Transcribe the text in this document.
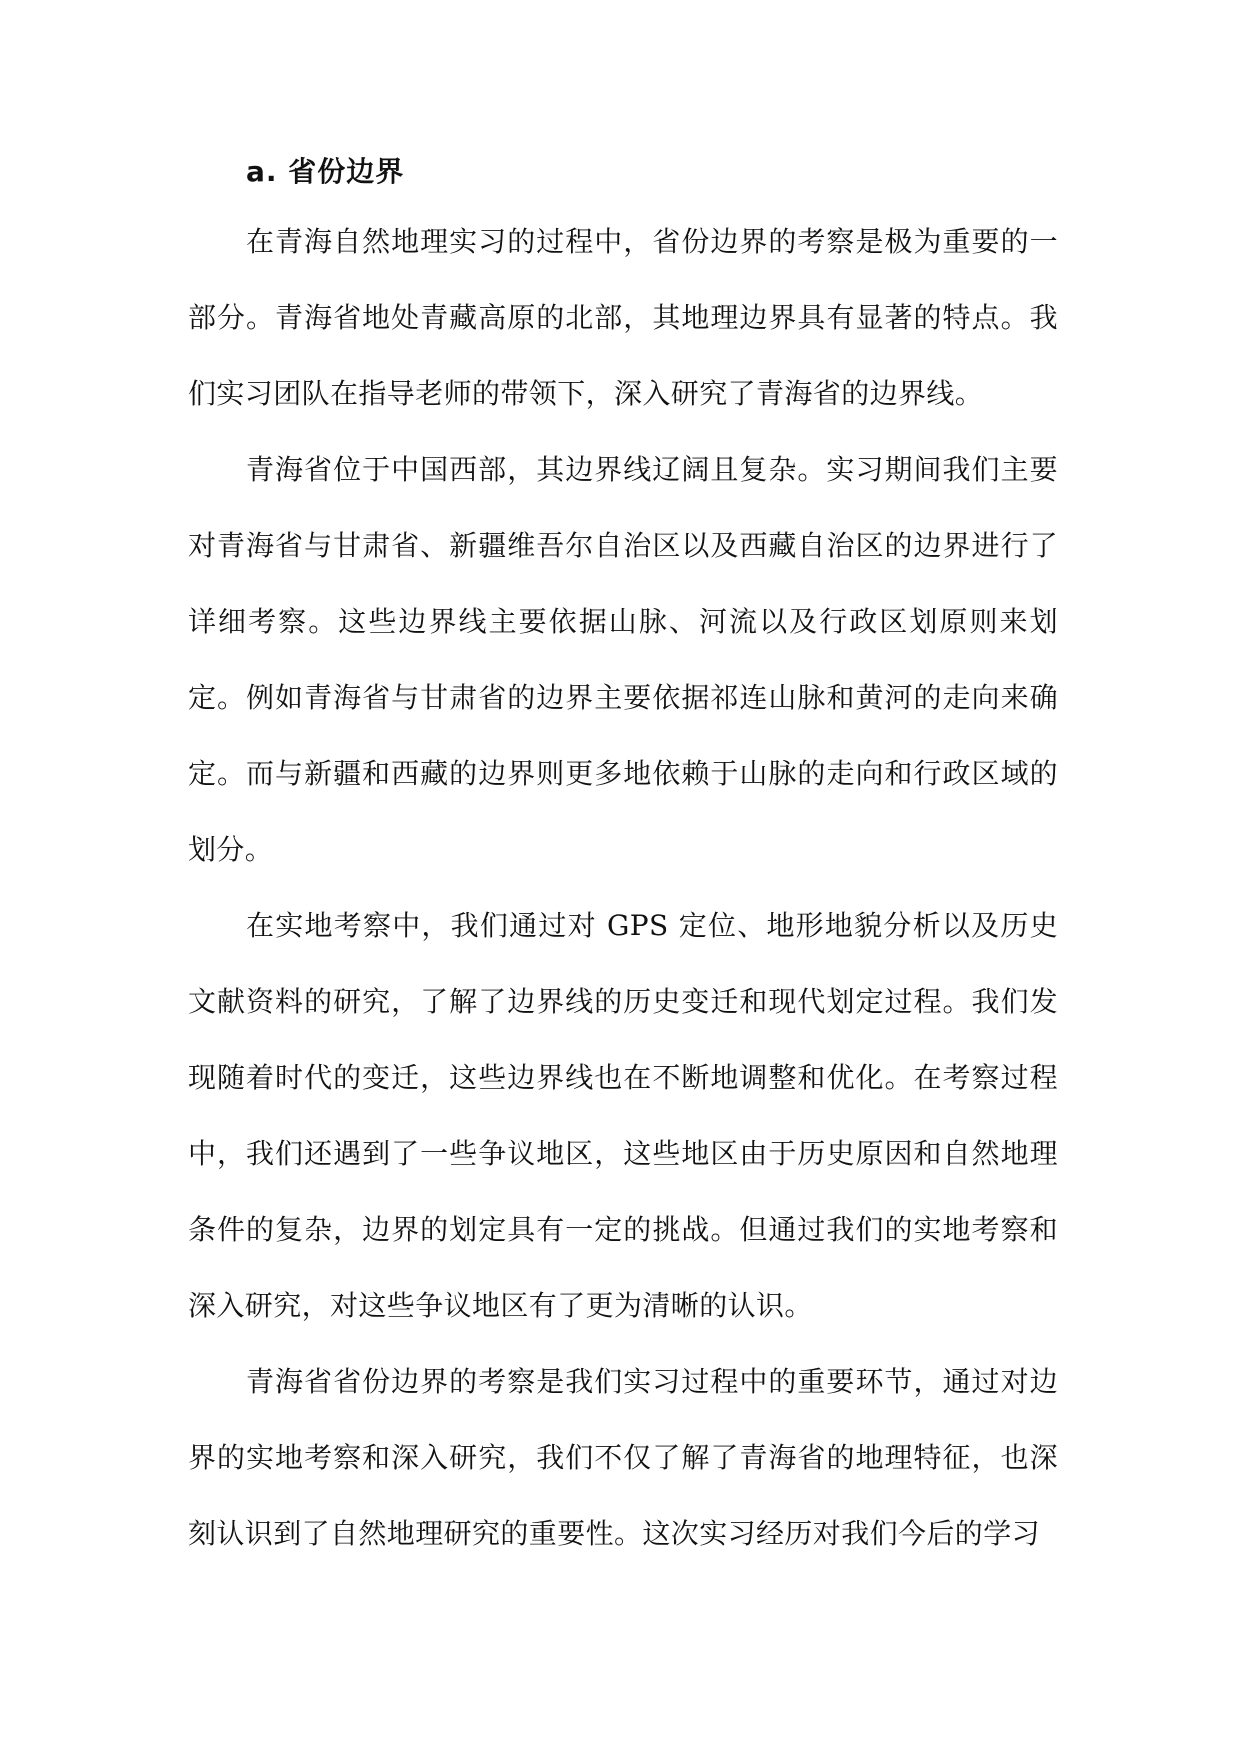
a. 省份边界

在青海自然地理实习的过程中，省份边界的考察是极为重要的一部分。青海省地处青藏高原的北部，其地理边界具有显著的特点。我们实习团队在指导老师的带领下，深入研究了青海省的边界线。

青海省位于中国西部，其边界线辽阔且复杂。实习期间我们主要对青海省与甘肃省、新疆维吾尔自治区以及西藏自治区的边界进行了详细考察。这些边界线主要依据山脉、河流以及行政区划原则来划定。例如青海省与甘肃省的边界主要依据祁连山脉和黄河的走向来确定。而与新疆和西藏的边界则更多地依赖于山脉的走向和行政区域的划分。

在实地考察中，我们通过对 GPS 定位、地形地貌分析以及历史文献资料的研究，了解了边界线的历史变迁和现代划定过程。我们发现随着时代的变迁，这些边界线也在不断地调整和优化。在考察过程中，我们还遇到了一些争议地区，这些地区由于历史原因和自然地理条件的复杂，边界的划定具有一定的挑战。但通过我们的实地考察和深入研究，对这些争议地区有了更为清晰的认识。

青海省省份边界的考察是我们实习过程中的重要环节，通过对边界的实地考察和深入研究，我们不仅了解了青海省的地理特征，也深刻认识到了自然地理研究的重要性。这次实习经历对我们今后的学习
